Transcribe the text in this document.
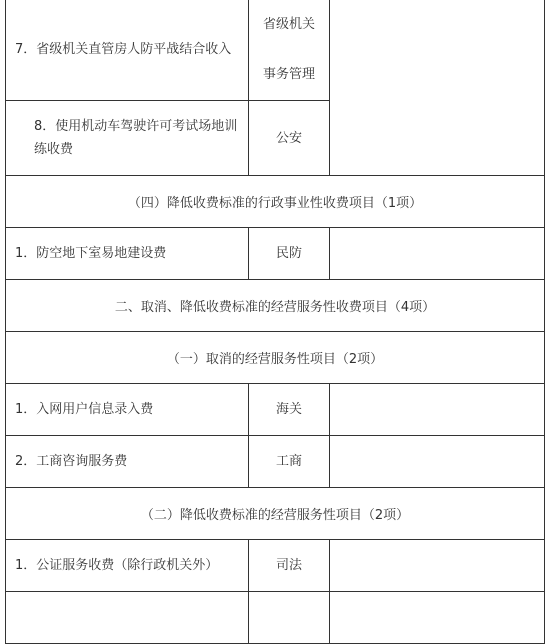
7．省级机关直管房人防平战结合收入	省级机关
事务管理	

8．使用机动车驾驶许可考试场地训练收费	公安	
（四）降低收费标准的行政事业性收费项目（1项）		
1．防空地下室易地建设费	民防	
二、取消、降低收费标准的经营服务性收费项目（4项）		
（一）取消的经营服务性项目（2项）		
1．入网用户信息录入费	海关	
2．工商咨询服务费	工商	
（二）降低收费标准的经营服务性项目（2项）		
1．公证服务收费（除行政机关外）	司法	
